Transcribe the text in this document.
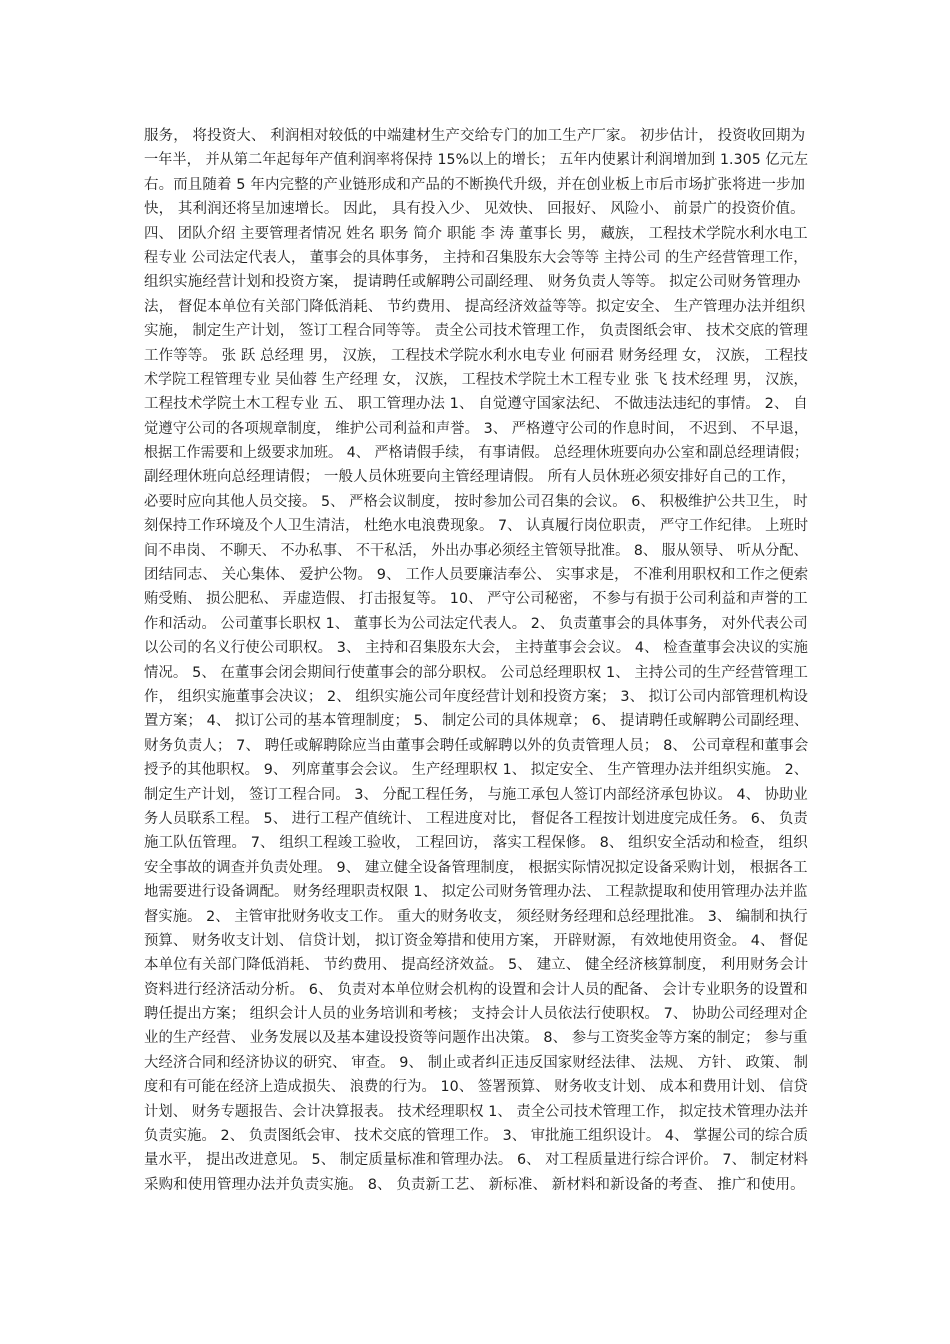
服务， 将投资大、 利润相对较低的中端建材生产交给专门的加工生产厂家。 初步估计， 投资收回期为
一年半， 并从第二年起每年产值利润率将保持 15%以上的增长； 五年内使累计利润增加到 1.305 亿元左
右。而且随着 5 年内完整的产业链形成和产品的不断换代升级，并在创业板上市后市场扩张将进一步加
快， 其利润还将呈加速增长。 因此， 具有投入少、 见效快、 回报好、 风险小、 前景广的投资价值。
四、 团队介绍 主要管理者情况 姓名 职务 简介 职能 李 涛 董事长 男， 藏族， 工程技术学院水利水电工
程专业 公司法定代表人， 董事会的具体事务， 主持和召集股东大会等等 主持公司 的生产经营管理工作，
组织实施经营计划和投资方案， 提请聘任或解聘公司副经理、 财务负责人等等。 拟定公司财务管理办
法， 督促本单位有关部门降低消耗、 节约费用、 提高经济效益等等。拟定安全、 生产管理办法并组织
实施， 制定生产计划， 签订工程合同等等。 责全公司技术管理工作， 负责图纸会审、 技术交底的管理
工作等等。 张 跃 总经理 男， 汉族， 工程技术学院水利水电专业 何丽君 财务经理 女， 汉族， 工程技
术学院工程管理专业 吴仙蓉 生产经理 女， 汉族， 工程技术学院土木工程专业 张 飞 技术经理 男， 汉族，
工程技术学院土木工程专业 五、 职工管理办法 1、 自觉遵守国家法纪、 不做违法违纪的事情。 2、 自
觉遵守公司的各项规章制度， 维护公司利益和声誉。 3、 严格遵守公司的作息时间， 不迟到、 不早退，
根据工作需要和上级要求加班。 4、 严格请假手续， 有事请假。 总经理休班要向办公室和副总经理请假；
副经理休班向总经理请假； 一般人员休班要向主管经理请假。 所有人员休班必须安排好自己的工作，
必要时应向其他人员交接。 5、 严格会议制度， 按时参加公司召集的会议。 6、 积极维护公共卫生， 时
刻保持工作环境及个人卫生清洁， 杜绝水电浪费现象。 7、 认真履行岗位职责， 严守工作纪律。 上班时
间不串岗、 不聊天、 不办私事、 不干私活， 外出办事必须经主管领导批准。 8、 服从领导、 听从分配、
团结同志、 关心集体、 爱护公物。 9、 工作人员要廉洁奉公、 实事求是， 不准利用职权和工作之便索
贿受贿、 损公肥私、 弄虚造假、 打击报复等。 10、 严守公司秘密， 不参与有损于公司利益和声誉的工
作和活动。 公司董事长职权 1、 董事长为公司法定代表人。 2、 负责董事会的具体事务， 对外代表公司
以公司的名义行使公司职权。 3、 主持和召集股东大会， 主持董事会会议。 4、 检查董事会决议的实施
情况。 5、 在董事会闭会期间行使董事会的部分职权。 公司总经理职权 1、 主持公司的生产经营管理工
作， 组织实施董事会决议； 2、 组织实施公司年度经营计划和投资方案； 3、 拟订公司内部管理机构设
置方案； 4、 拟订公司的基本管理制度； 5、 制定公司的具体规章； 6、 提请聘任或解聘公司副经理、
财务负责人； 7、 聘任或解聘除应当由董事会聘任或解聘以外的负责管理人员； 8、 公司章程和董事会
授予的其他职权。 9、 列席董事会会议。 生产经理职权 1、 拟定安全、 生产管理办法并组织实施。 2、
制定生产计划， 签订工程合同。 3、 分配工程任务， 与施工承包人签订内部经济承包协议。 4、 协助业
务人员联系工程。 5、 进行工程产值统计、 工程进度对比， 督促各工程按计划进度完成任务。 6、 负责
施工队伍管理。 7、 组织工程竣工验收， 工程回访， 落实工程保修。 8、 组织安全活动和检查， 组织
安全事故的调查并负责处理。 9、 建立健全设备管理制度， 根据实际情况拟定设备采购计划， 根据各工
地需要进行设备调配。 财务经理职责权限 1、 拟定公司财务管理办法、 工程款提取和使用管理办法并监
督实施。 2、 主管审批财务收支工作。 重大的财务收支， 须经财务经理和总经理批准。 3、 编制和执行
预算、 财务收支计划、 信贷计划， 拟订资金筹措和使用方案， 开辟财源， 有效地使用资金。 4、 督促
本单位有关部门降低消耗、 节约费用、 提高经济效益。 5、 建立、 健全经济核算制度， 利用财务会计
资料进行经济活动分析。 6、 负责对本单位财会机构的设置和会计人员的配备、 会计专业职务的设置和
聘任提出方案； 组织会计人员的业务培训和考核； 支持会计人员依法行使职权。 7、 协助公司经理对企
业的生产经营、 业务发展以及基本建设投资等问题作出决策。 8、 参与工资奖金等方案的制定； 参与重
大经济合同和经济协议的研究、 审查。 9、 制止或者纠正违反国家财经法律、 法规、 方针、 政策、 制
度和有可能在经济上造成损失、 浪费的行为。 10、 签署预算、 财务收支计划、 成本和费用计划、 信贷
计划、 财务专题报告、会计决算报表。 技术经理职权 1、 责全公司技术管理工作， 拟定技术管理办法并
负责实施。 2、 负责图纸会审、 技术交底的管理工作。 3、 审批施工组织设计。 4、 掌握公司的综合质
量水平， 提出改进意见。 5、 制定质量标准和管理办法。 6、 对工程质量进行综合评价。 7、 制定材料
采购和使用管理办法并负责实施。 8、 负责新工艺、 新标准、 新材料和新设备的考查、 推广和使用。
